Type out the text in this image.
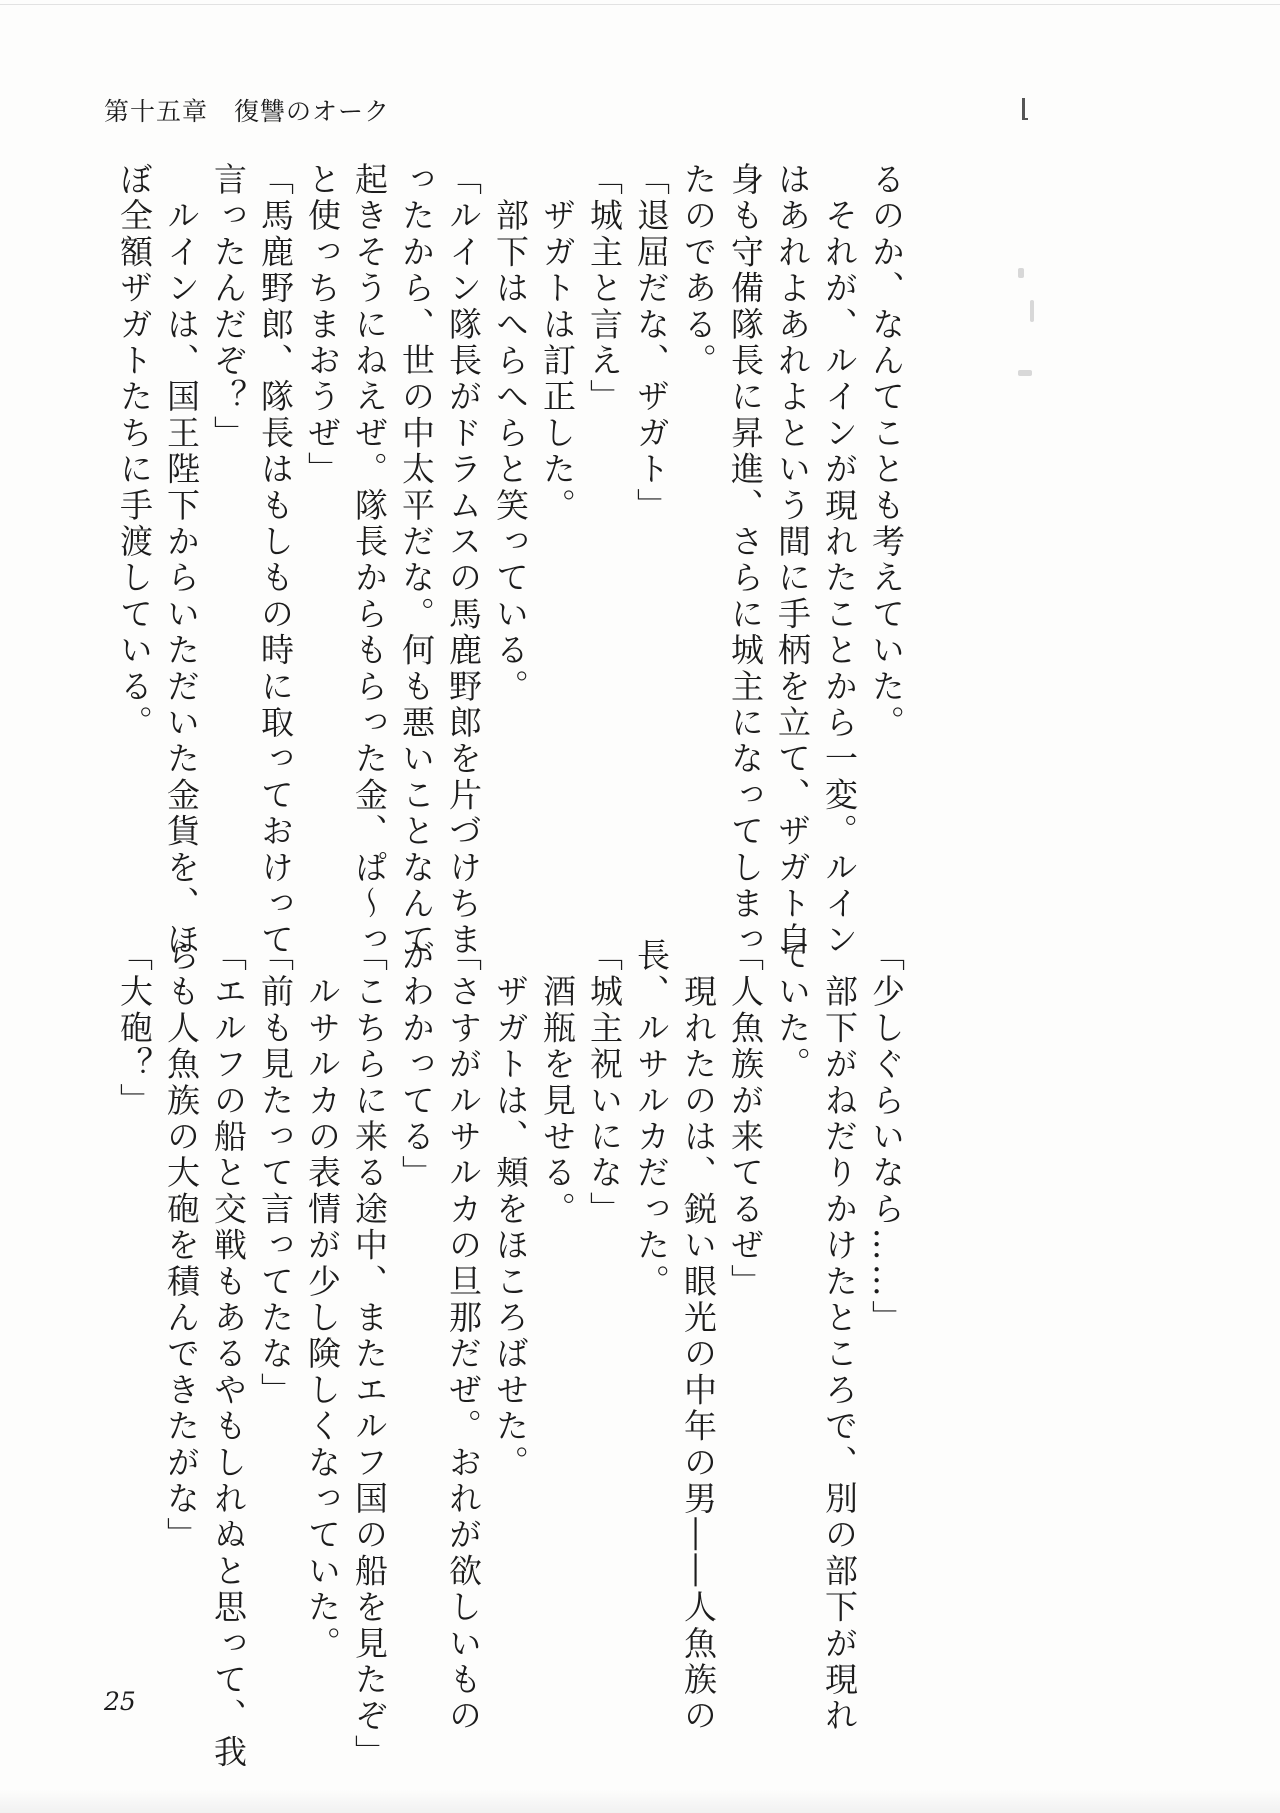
第十五章　復讐のオーク
るのか、なんてことも考えていた。
　それが、ルインが現れたことから一変。ルイン
はあれよあれよという間に手柄を立て、ザガト自
身も守備隊長に昇進、さらに城主になってしまっ
たのである。
「退屈だな、ザガト」
「城主と言え」
　ザガトは訂正した。
　部下はへらへらと笑っている。
「ルイン隊長がドラムスの馬鹿野郎を片づけちま
ったから、世の中太平だな。何も悪いことなんて
起きそうにねえぜ。隊長からもらった金、ぱ～っ
と使っちまおうぜ」
「馬鹿野郎、隊長はもしもの時に取っておけって
言ったんだぞ？」
　ルインは、国王陛下からいただいた金貨を、ほ
ぼ全額ザガトたちに手渡している。
「少しぐらいなら……」
　部下がねだりかけたところで、別の部下が現れ
ていた。
「人魚族が来てるぜ」
　現れたのは、鋭い眼光の中年の男――人魚族の
長、ルサルカだった。
「城主祝いにな」
　酒瓶を見せる。
　ザガトは、頬をほころばせた。
「さすがルサルカの旦那だぜ。おれが欲しいもの
がわかってる」
「こちらに来る途中、またエルフ国の船を見たぞ」
　ルサルカの表情が少し険しくなっていた。
「前も見たって言ってたな」
「エルフの船と交戦もあるやもしれぬと思って、我
らも人魚族の大砲を積んできたがな」
「大砲？」
25
